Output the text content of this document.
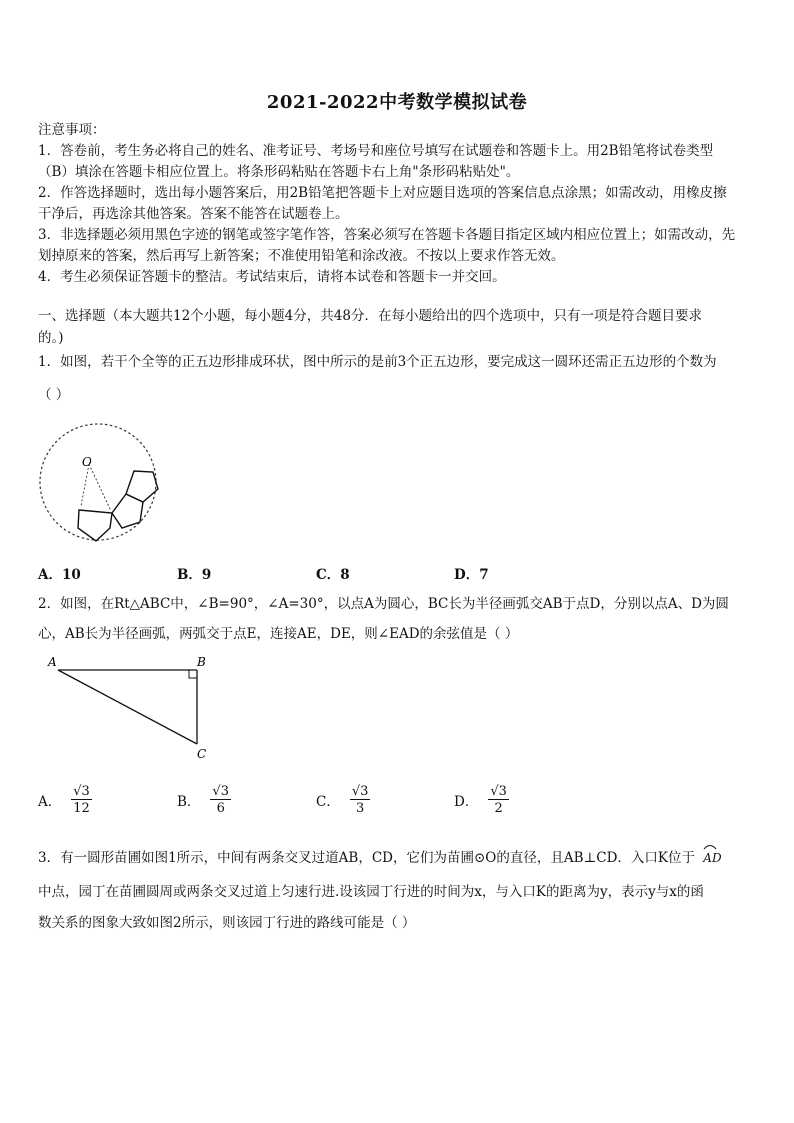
2021-2022中考数学模拟试卷
注意事项：
1．答卷前，考生务必将自己的姓名、准考证号、考场号和座位号填写在试题卷和答题卡上。用2B铅笔将试卷类型
（B）填涂在答题卡相应位置上。将条形码粘贴在答题卡右上角"条形码粘贴处"。
2．作答选择题时，选出每小题答案后，用2B铅笔把答题卡上对应题目选项的答案信息点涂黑；如需改动，用橡皮擦
干净后，再选涂其他答案。答案不能答在试题卷上。
3．非选择题必须用黑色字迹的钢笔或签字笔作答，答案必须写在答题卡各题目指定区域内相应位置上；如需改动，先
划掉原来的答案，然后再写上新答案；不准使用铅笔和涂改液。不按以上要求作答无效。
4．考生必须保证答题卡的整洁。考试结束后，请将本试卷和答题卡一并交回。
一、选择题（本大题共12个小题，每小题4分，共48分．在每小题给出的四个选项中，只有一项是符合题目要求
的。)
1．如图，若干个全等的正五边形排成环状，图中所示的是前3个正五边形，要完成这一圆环还需正五边形的个数为
（ ）
O
A．10	B．9	C．8	D．7
2．如图，在Rt△ABC中，∠B=90°，∠A=30°，以点A为圆心，BC长为半径画弧交AB于点D，分别以点A、D为圆
心，AB长为半径画弧，两弧交于点E，连接AE，DE，则∠EAD的余弦值是（ ）
A	B
C
A． $\frac{√3}{12}$	B． $\frac{√3}{6}$	C． $\frac{√3}{3}$	D． $\frac{√3}{2}$
3．有一圆形苗圃如图1所示，中间有两条交叉过道AB，CD，它们为苗圃⊙O的直径，且AB⊥CD．入口K位于 AD
中点，园丁在苗圃圆周或两条交叉过道上匀速行进.设该园丁行进的时间为x，与入口K的距离为y，表示y与x的函
数关系的图象大致如图2所示，则该园丁行进的路线可能是（ ）
